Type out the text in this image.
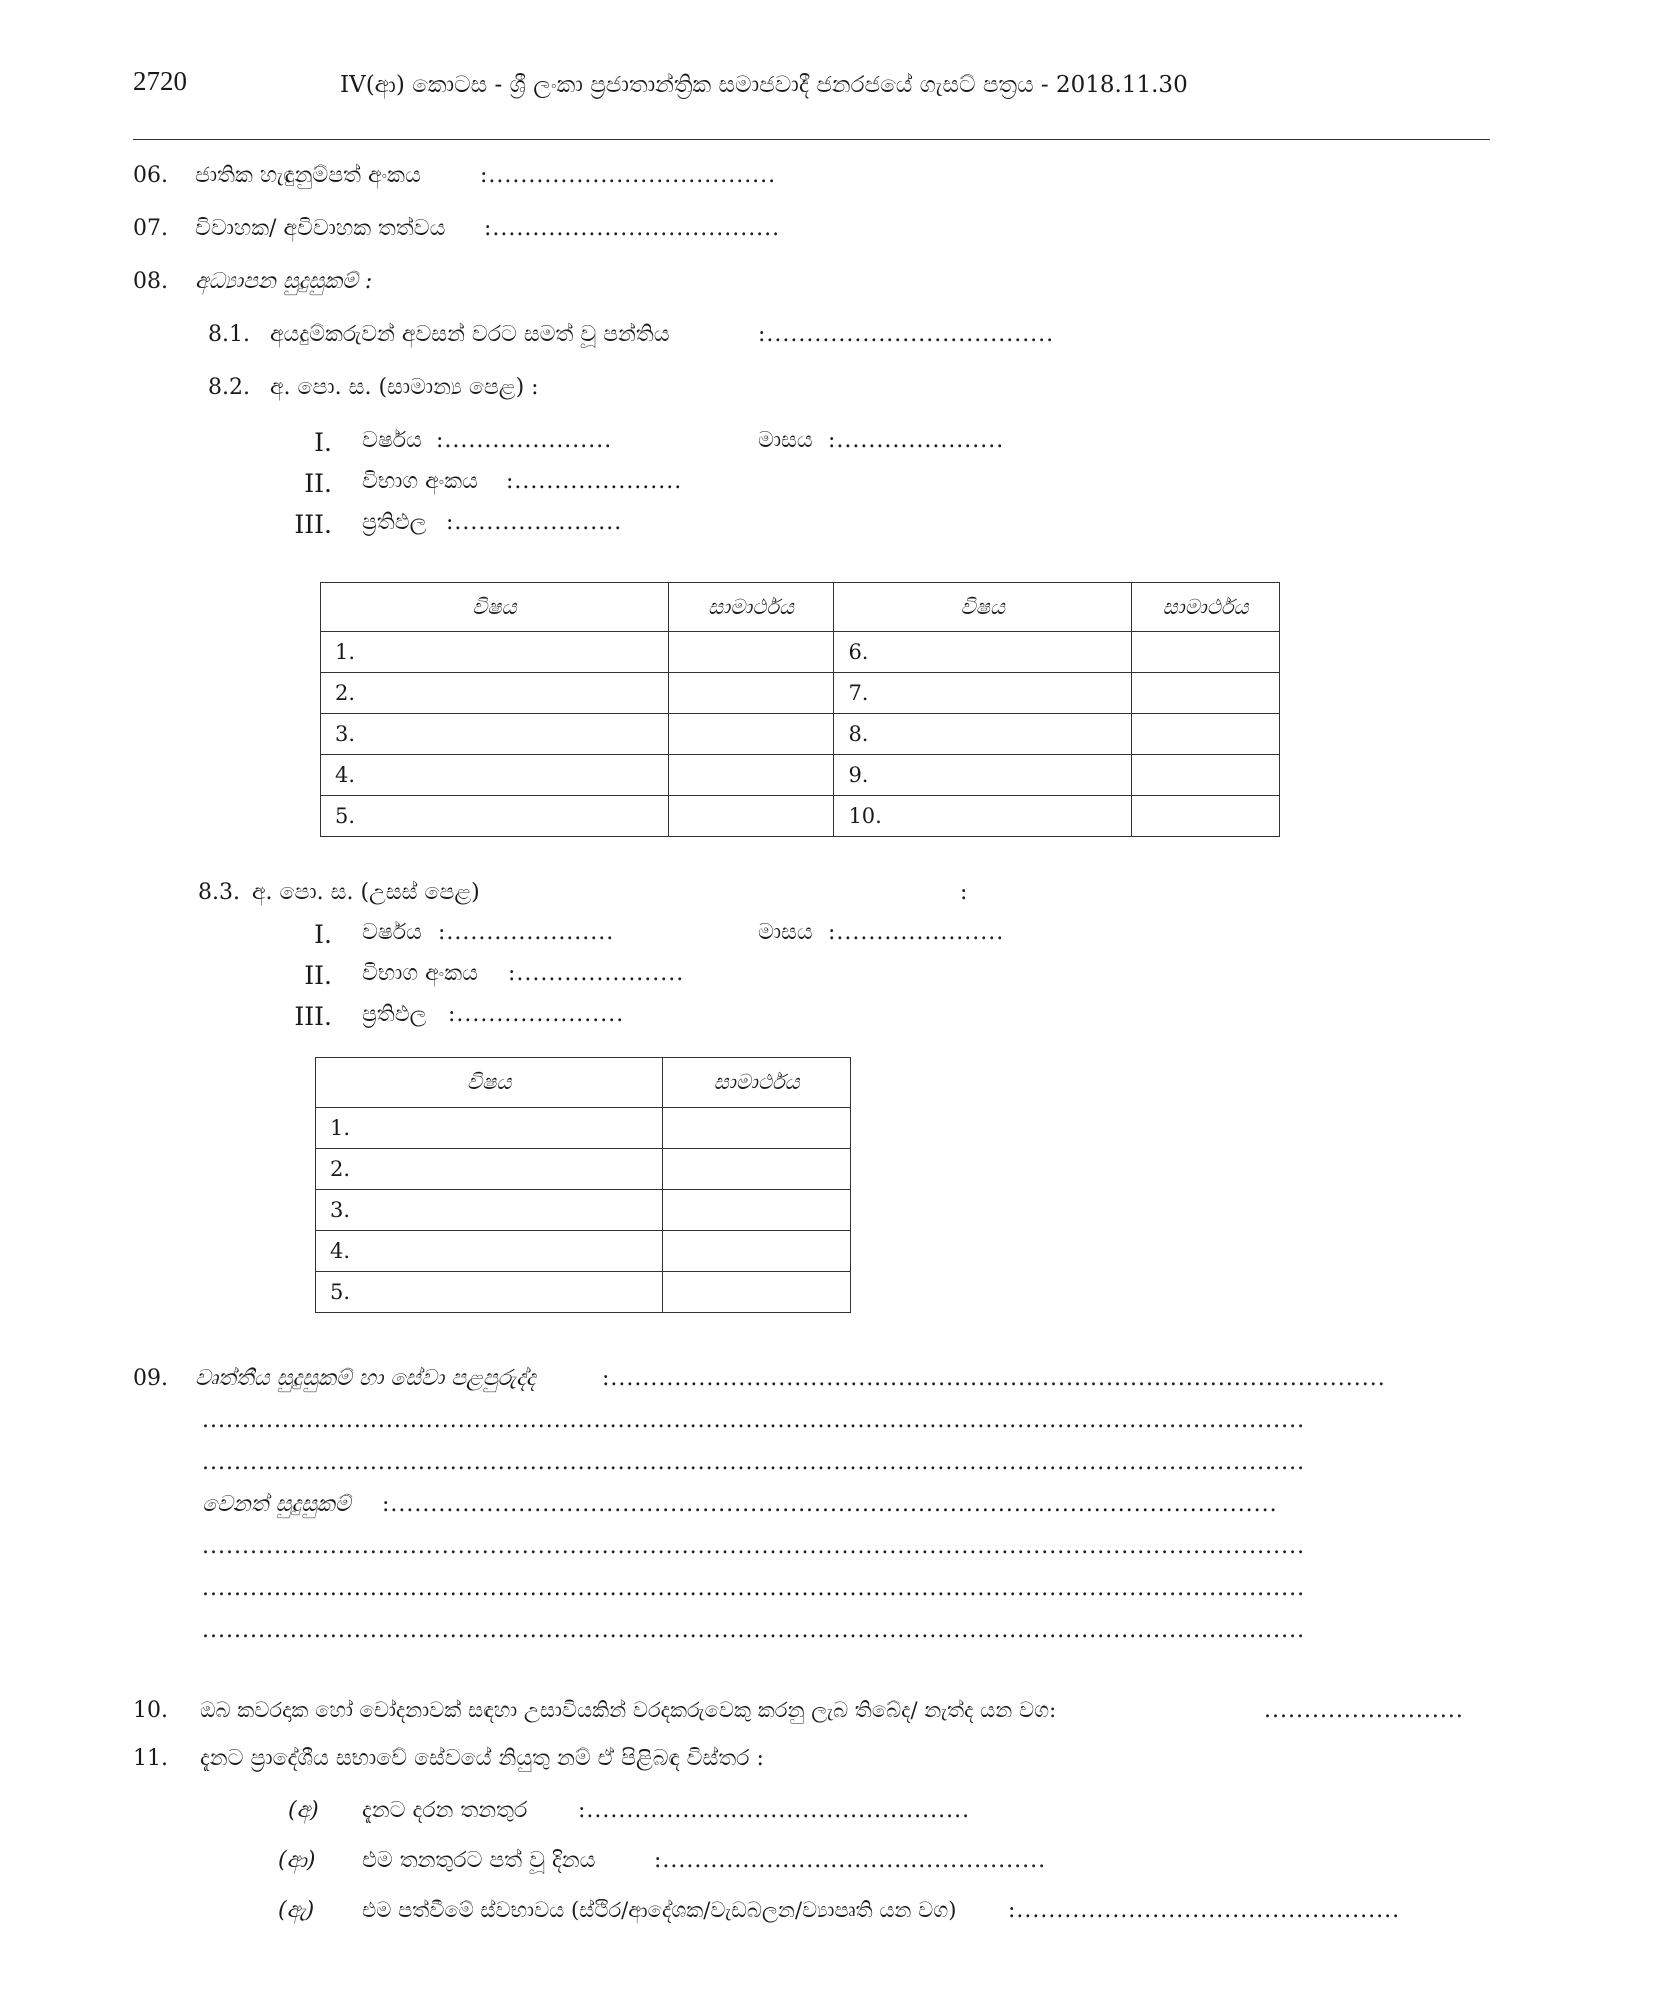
2720	IV(ආ) කොටස - ශ්‍රී ලංකා ප්‍රජාතාන්ත්‍රික සමාජවාදී ජනරජයේ ගැසට් පත්‍රය - 2018.11.30
06. ජාතික හැඳුනුම්පත් අංකය	:....................................
07. විවාහක/ අවිවාහක තත්වය :....................................
08. අධ්‍යාපන සුදුසුකම් :
8.1. අයදුම්කරුවන් අවසන් වරට සමත් වූ පන්තිය	:....................................
8.2. අ. පො. ස. (සාමාන්‍ය පෙළ) :
I. වර්ෂය :.....................	මාසය :.....................
II. විභාග අංකය :.....................
III. ප්‍රතිඵල :.....................
විෂය	සාමාර්ථය	විෂය	සාමාර්ථය
1.		6.	
2.		7.	
3.		8.	
4.		9.	
5.		10.	
8.3. අ. පො. ස. (උසස් පෙළ)	:
I. වර්ෂය :.....................	මාසය :.....................
II. විභාග අංකය :.....................
III. ප්‍රතිඵල :.....................
විෂය	සාමාර්ථය
1.	
2.	
3.	
4.	
5.	
09. වෘත්තීය සුදුසුකම් හා සේවා පළපුරුද්ද	:.................................................................................................
..........................................................................................................................................
..........................................................................................................................................
වෙනත් සුදුසුකම් :...............................................................................................................
..........................................................................................................................................
..........................................................................................................................................
..........................................................................................................................................
10. ඔබ කවරදාක හෝ චෝදනාවක් සඳහා උසාවියකින් වරදකරුවෙකු කරනු ලැබ තිබේද/ නැත්ද යන වග:	.........................
11. දැනට ප්‍රාදේශීය සභාවේ සේවයේ නියුතු නම් ඒ පිළිබඳ විස්තර :
(අ) දැනට දරන තනතුර :................................................
(ආ) එම තනතුරට පත් වූ දිනය	:................................................
(ඇ) එම පත්වීමේ ස්වභාවය (ස්ථිර/ආදේශක/වැඩබලන/ව්‍යාපෘති යන වග) :................................................
